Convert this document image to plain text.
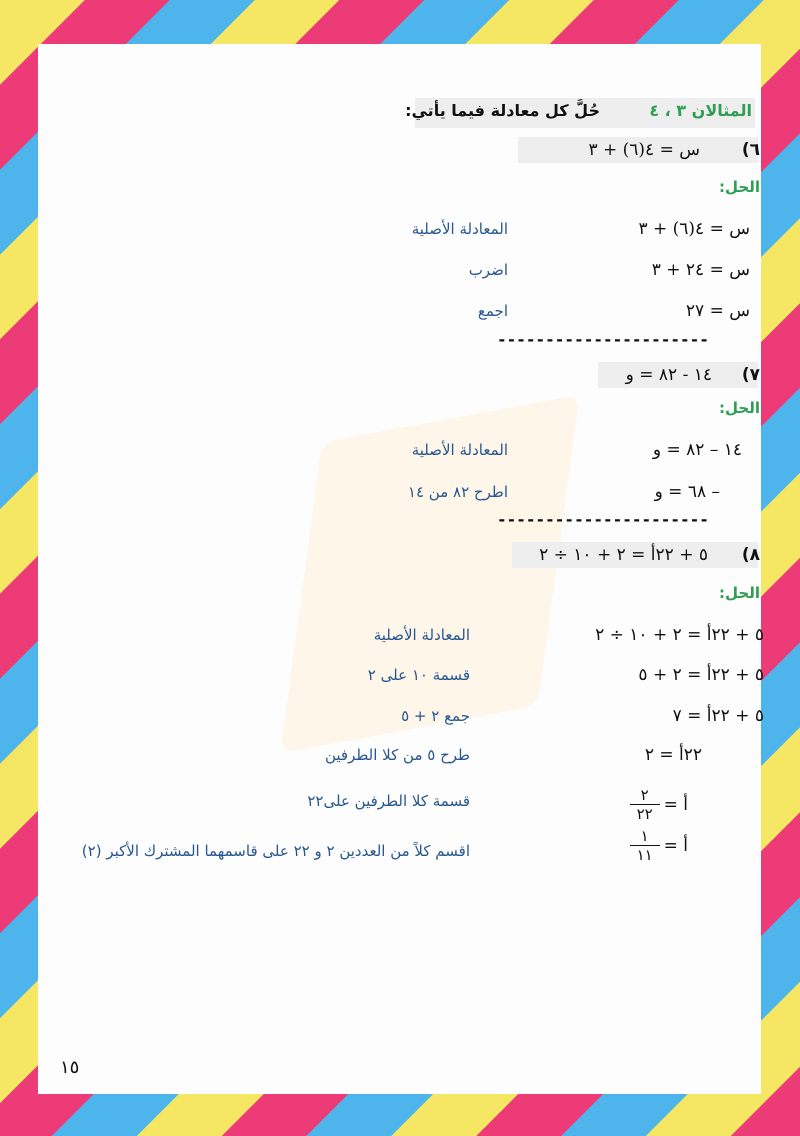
المثالان ٣ ، ٤
حُلَّ كل معادلة فيما يأتي:
٦)
س = ٤(٦) + ٣
الحل:
س = ٤(٦) + ٣
المعادلة الأصلية
س = ٢٤ + ٣
اضرب
س = ٢٧
اجمع
----------------------
٧)
١٤ - ٨٢ = و
الحل:
١٤ – ٨٢ = و
المعادلة الأصلية
– ٦٨ = و
اطرح ٨٢ من ١٤
----------------------
٨)
٥ + ٢٢أ = ٢ + ١٠ ÷ ٢
الحل:
٥ + ٢٢أ = ٢ + ١٠ ÷ ٢
المعادلة الأصلية
٥ + ٢٢أ = ٢ + ٥
قسمة ١٠ على ٢
٥ + ٢٢أ = ٧
جمع ٢ + ٥
٢٢أ = ٢
طرح ٥ من كلا الطرفين
أ =
$\frac{٢}{٢٢}$
قسمة كلا الطرفين على٢٢
أ =
$\frac{١}{١١}$
اقسم كلاً من العددين ٢ و ٢٢ على قاسمهما المشترك الأكبر (٢)
١٥
